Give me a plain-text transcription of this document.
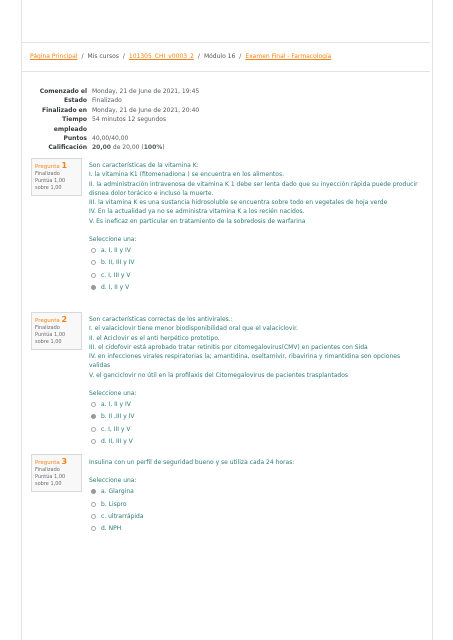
Página Principal / Mis cursos / 101305_CHI_v0003_2 / Módulo 16 / Examen Final - Farmacología
Comenzado el Monday, 21 de June de 2021, 19:45
Estado Finalizado
Finalizado en Monday, 21 de June de 2021, 20:40
Tiempo
empleado
54 minutos 12 segundos
Puntos 40,00/40,00
Calificación 20,00 de 20,00 (100%)
Pregunta 1
Finalizado
Puntúa 1,00
sobre 1,00
Son características de la vitamina K:
I. la vitamina K1 (fitomenadiona ) se encuentra en los alimentos.
II. la administración intravenosa de vitamina K 1 debe ser lenta dado que su inyección rápida puede producir
disnea dolor torácico e incluso la muerte.
III. la vitamina K es una sustancia hidrosoluble se encuentra sobre todo en vegetales de hoja verde
IV. En la actualidad ya no se administra vitamina K a los recién nacidos.
V. Es ineficaz en particular en tratamiento de la sobredosis de warfarina
Seleccione una:
a. I, II y IV
b. II, III y IV
c. I, III y V
d. I, II y V
Pregunta 2
Finalizado
Puntúa 1,00
sobre 1,00
Son características correctas de los antivirales.:
I. el valaciclovir tiene menor biodisponibilidad oral que el valaciclovir.
II. el Aciclovir es el anti herpético prototipo.
III. el cidofovir está aprobado tratar retinitis por citomegalovirus(CMV) en pacientes con Sida
IV. en infecciones virales respiratorias la; amantidina, oseltamivir, ribavirina y rimantidina son opciones validas
V. el ganciclovir no útil en la profilaxis del Citomegalovirus de pacientes trasplantados
Seleccione una:
a. I, II y IV
b. II ,III y IV
c. I, III y V
d. II, III y V
Pregunta 3
Finalizado
Puntúa 1,00
sobre 1,00
Insulina con un perfil de seguridad bueno y se utiliza cada 24 horas:
Seleccione una:
a. Glargina
b. Lispro
c. ultrarrápida
d. NPH
